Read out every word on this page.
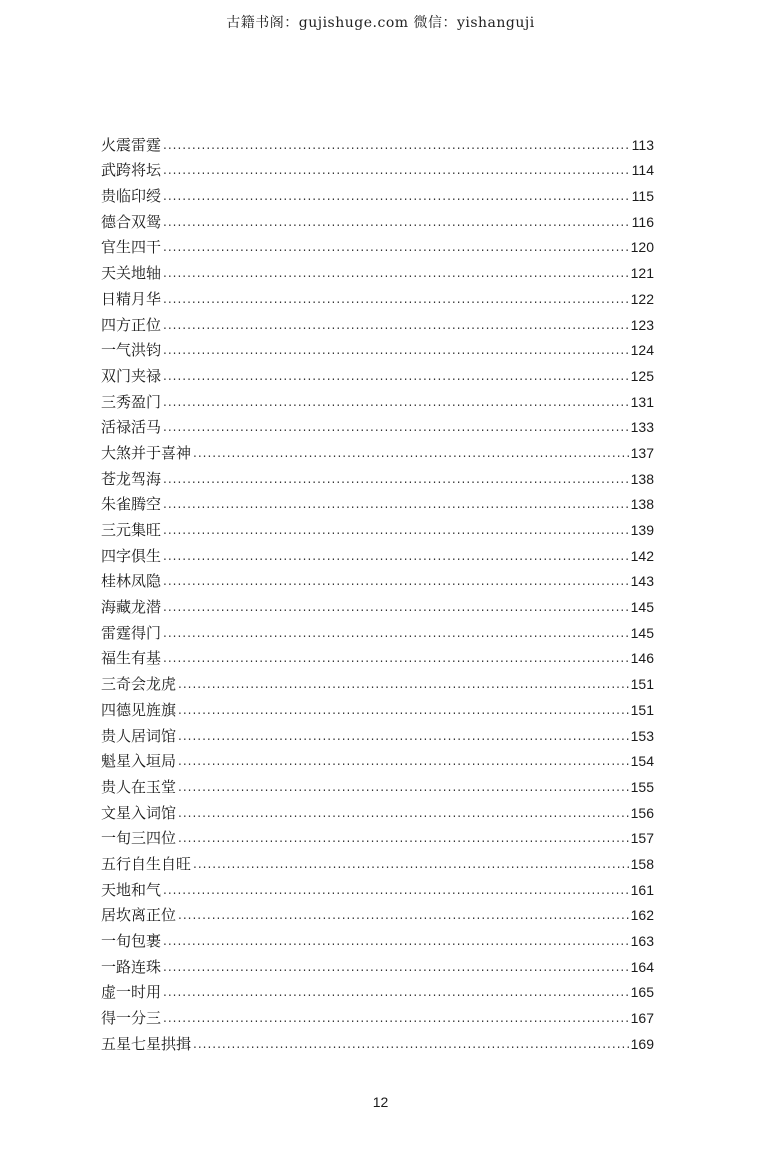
古籍书阁：gujishuge.com 微信：yishanguji
火震雷霆 .....	113
武跨将坛 .....	114
贵临印绶 .....	115
德合双鸳 .....	116
官生四干 .....	120
天关地轴 .....	121
日精月华 .....	122
四方正位 .....	123
一气洪钧 .....	124
双门夹禄 .....	125
三秀盈门 .....	131
活禄活马 .....	133
大煞并于喜神 .....	137
苍龙驾海 .....	138
朱雀腾空 .....	138
三元集旺 .....	139
四字俱生 .....	142
桂林凤隐 .....	143
海藏龙潜 .....	145
雷霆得门 .....	145
福生有基 .....	146
三奇会龙虎 .....	151
四德见旌旗 .....	151
贵人居词馆 .....	153
魁星入垣局 .....	154
贵人在玉堂 .....	155
文星入词馆 .....	156
一旬三四位 .....	157
五行自生自旺 .....	158
天地和气 .....	161
居坎离正位 .....	162
一旬包裹 .....	163
一路连珠 .....	164
虚一时用 .....	165
得一分三 .....	167
五星七星拱揖 .....	169
12
